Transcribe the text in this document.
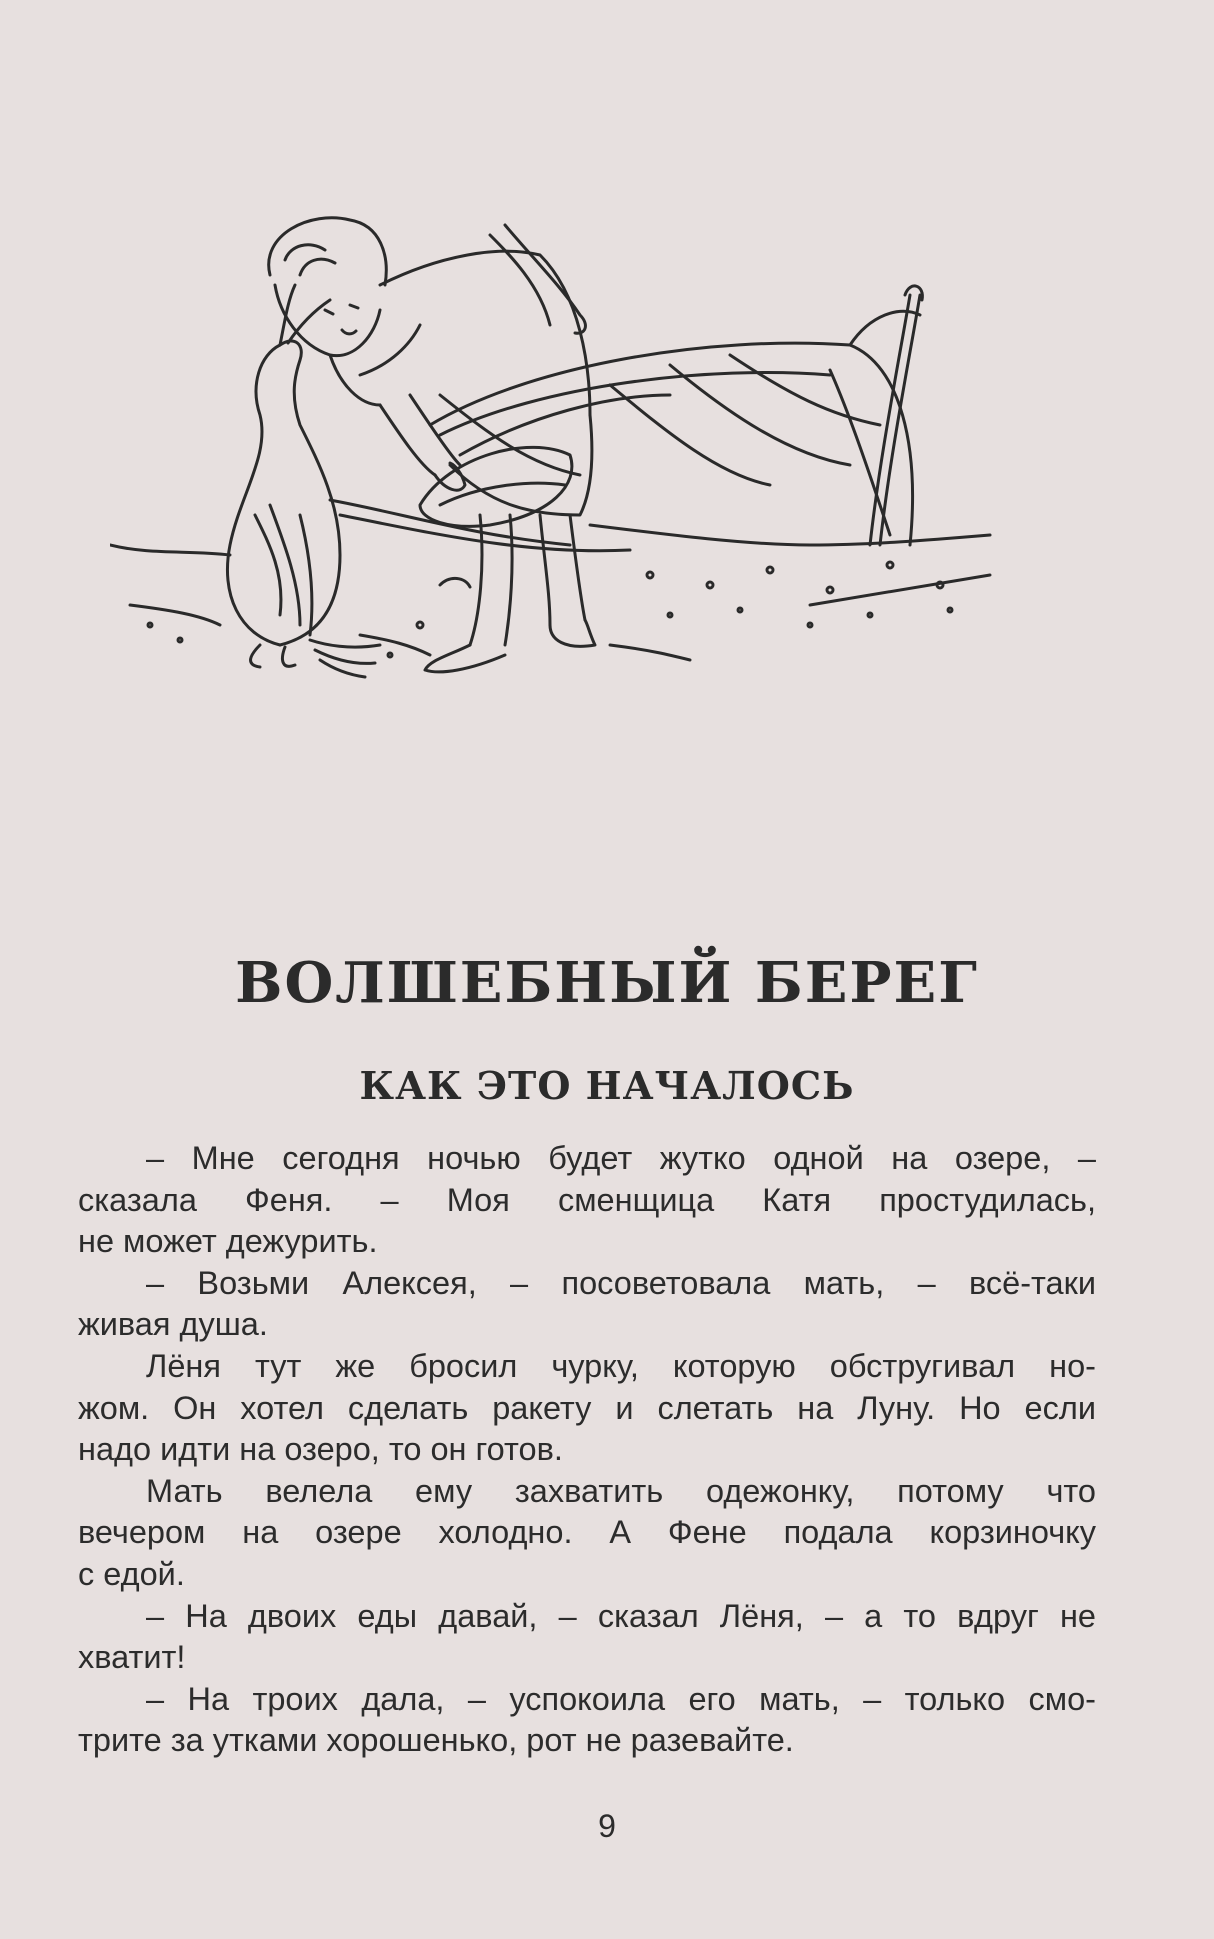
ВОЛШЕБНЫЙ БЕРЕГ
КАК ЭТО НАЧАЛОСЬ
– Мне сегодня ночью будет жутко одной на озере, –
сказала Феня. – Моя сменщица Катя простудилась,
не может дежурить.
– Возьми Алексея, – посоветовала мать, – всё-таки
живая душа.
Лёня тут же бросил чурку, которую обстругивал но-
жом. Он хотел сделать ракету и слетать на Луну. Но если
надо идти на озеро, то он готов.
Мать велела ему захватить одежонку, потому что
вечером на озере холодно. А Фене подала корзиночку
с едой.
– На двоих еды давай, – сказал Лёня, – а то вдруг не
хватит!
– На троих дала, – успокоила его мать, – только смо-
трите за утками хорошенько, рот не разевайте.
9
